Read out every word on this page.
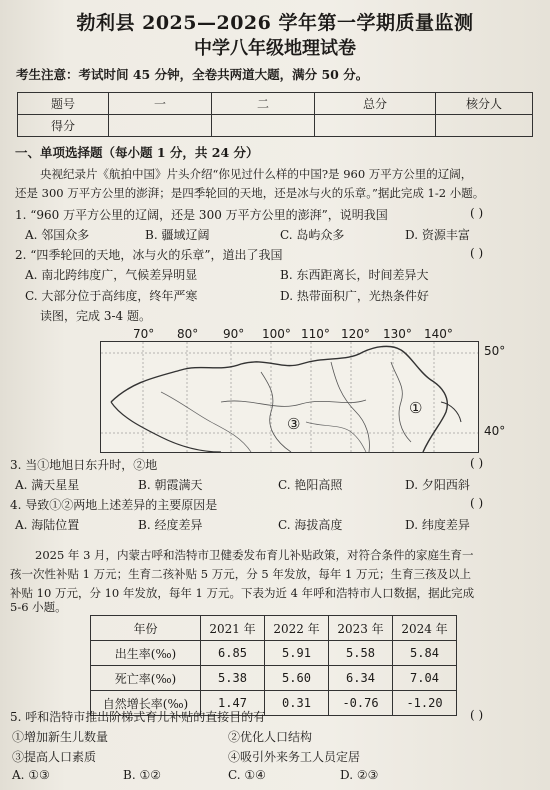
勃利县 2025—2026 学年第一学期质量监测
中学八年级地理试卷
考生注意：考试时间 45 分钟，全卷共两道大题，满分 50 分。
题号	一	二	总分	核分人
得分				
一、单项选择题（每小题 1 分，共 24 分）
央视纪录片《航拍中国》片头介绍“你见过什么样的中国?是 960 万平方公里的辽阔，
还是 300 万平方公里的澎湃；是四季轮回的天地，还是冰与火的乐章。”据此完成 1-2 小题。
1. “960 万平方公里的辽阔，还是 300 万平方公里的澎湃”，说明我国	( )
A. 邻国众多	B. 疆域辽阔	C. 岛屿众多	D. 资源丰富
2. “四季轮回的天地，冰与火的乐章”，道出了我国	( )
A. 南北跨纬度广，气候差异明显	B. 东西距离长，时间差异大
C. 大部分位于高纬度，终年严寒	D. 热带面积广，光热条件好
读图，完成 3-4 题。
70° 80° 90° 100° 110° 120° 130° 140°
50°
40°
③
①
3. 当①地旭日东升时，②地	( )
A. 满天星星	B. 朝霞满天	C. 艳阳高照	D. 夕阳西斜
4. 导致①②两地上述差异的主要原因是	( )
A. 海陆位置	B. 经度差异	C. 海拔高度	D. 纬度差异
2025 年 3 月，内蒙古呼和浩特市卫健委发布育儿补贴政策，对符合条件的家庭生育一
孩一次性补贴 1 万元；生育二孩补贴 5 万元，分 5 年发放，每年 1 万元；生育三孩及以上
补贴 10 万元，分 10 年发放，每年 1 万元。下表为近 4 年呼和浩特市人口数据，据此完成
5-6 小题。
年份	2021 年	2022 年	2023 年	2024 年
出生率(‰)	6.85	5.91	5.58	5.84
死亡率(‰)	5.38	5.60	6.34	7.04
自然增长率(‰)	1.47	0.31	-0.76	-1.20
5. 呼和浩特市推出阶梯式育儿补贴的直接目的有	( )
①增加新生儿数量	②优化人口结构
③提高人口素质	④吸引外来务工人员定居
A. ①③	B. ①②	C. ①④	D. ②③
